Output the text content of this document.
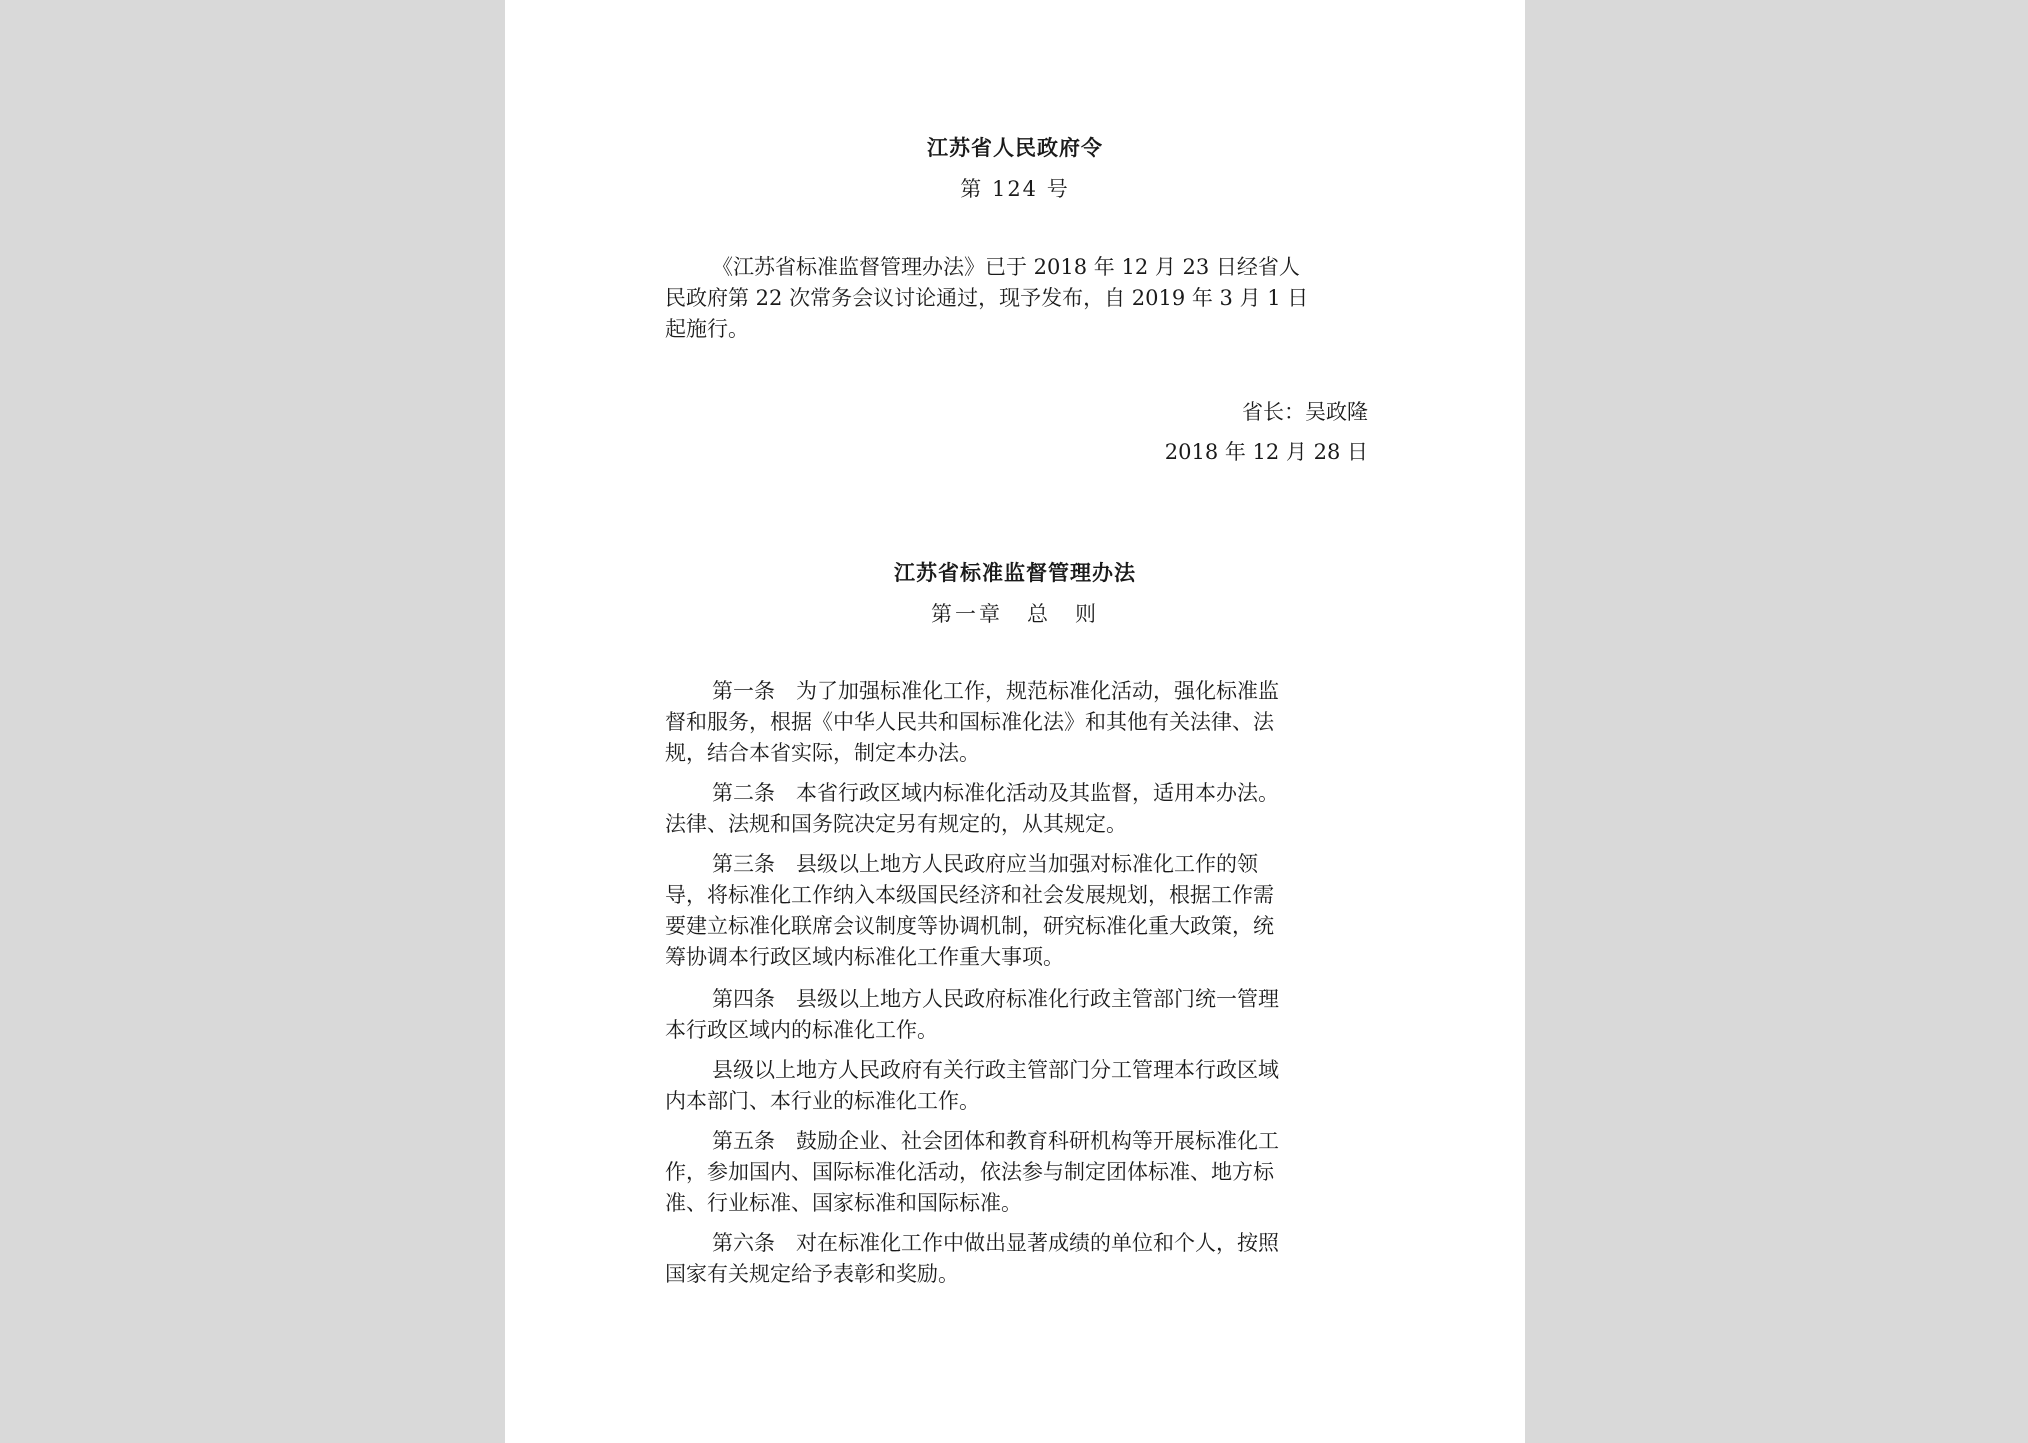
江苏省人民政府令
第 124 号

《江苏省标准监督管理办法》已于 2018 年 12 月 23 日经省人
民政府第 22 次常务会议讨论通过，现予发布，自 2019 年 3 月 1 日
起施行。

省长：吴政隆
2018 年 12 月 28 日
江苏省标准监督管理办法
第一章　总　则

第一条　为了加强标准化工作，规范标准化活动，强化标准监
督和服务，根据《中华人民共和国标准化法》和其他有关法律、法
规，结合本省实际，制定本办法。

第二条　本省行政区域内标准化活动及其监督，适用本办法。
法律、法规和国务院决定另有规定的，从其规定。

第三条　县级以上地方人民政府应当加强对标准化工作的领
导，将标准化工作纳入本级国民经济和社会发展规划，根据工作需
要建立标准化联席会议制度等协调机制，研究标准化重大政策，统
筹协调本行政区域内标准化工作重大事项。

第四条　县级以上地方人民政府标准化行政主管部门统一管理
本行政区域内的标准化工作。

县级以上地方人民政府有关行政主管部门分工管理本行政区域
内本部门、本行业的标准化工作。

第五条　鼓励企业、社会团体和教育科研机构等开展标准化工
作，参加国内、国际标准化活动，依法参与制定团体标准、地方标
准、行业标准、国家标准和国际标准。

第六条　对在标准化工作中做出显著成绩的单位和个人，按照
国家有关规定给予表彰和奖励。
